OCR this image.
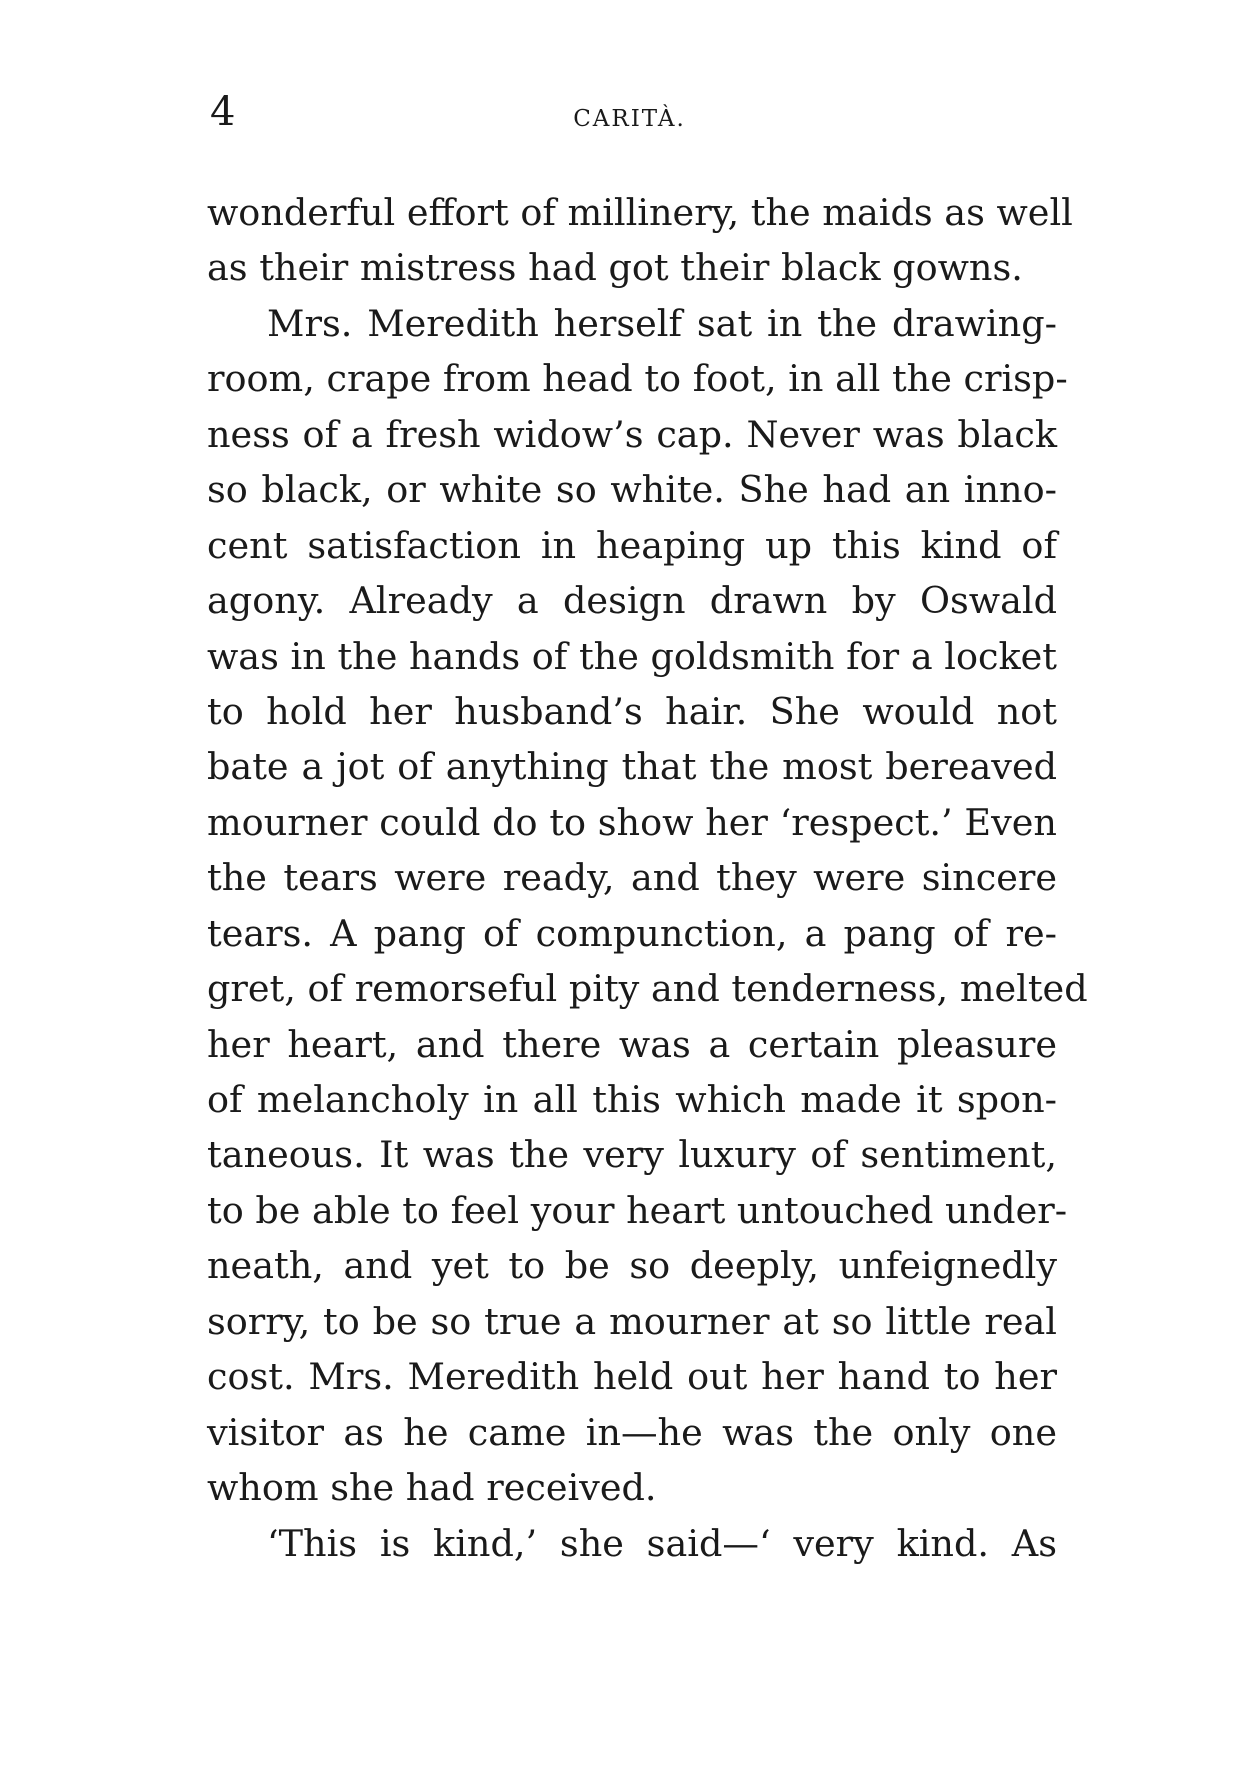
4	CARITÀ.
wonderful effort of millinery, the maids as well
as their mistress had got their black gowns.
Mrs. Meredith herself sat in the drawing-
room, crape from head to foot, in all the crisp-
ness of a fresh widow’s cap. Never was black
so black, or white so white. She had an inno-
cent satisfaction in heaping up this kind of
agony. Already a design drawn by Oswald
was in the hands of the goldsmith for a locket
to hold her husband’s hair. She would not
bate a jot of anything that the most bereaved
mourner could do to show her ‘respect.’ Even
the tears were ready, and they were sincere
tears. A pang of compunction, a pang of re-
gret, of remorseful pity and tenderness, melted
her heart, and there was a certain pleasure
of melancholy in all this which made it spon-
taneous. It was the very luxury of sentiment,
to be able to feel your heart untouched under-
neath, and yet to be so deeply, unfeignedly
sorry, to be so true a mourner at so little real
cost. Mrs. Meredith held out her hand to her
visitor as he came in—he was the only one
whom she had received.
‘This is kind,’ she said—‘ very kind. As
